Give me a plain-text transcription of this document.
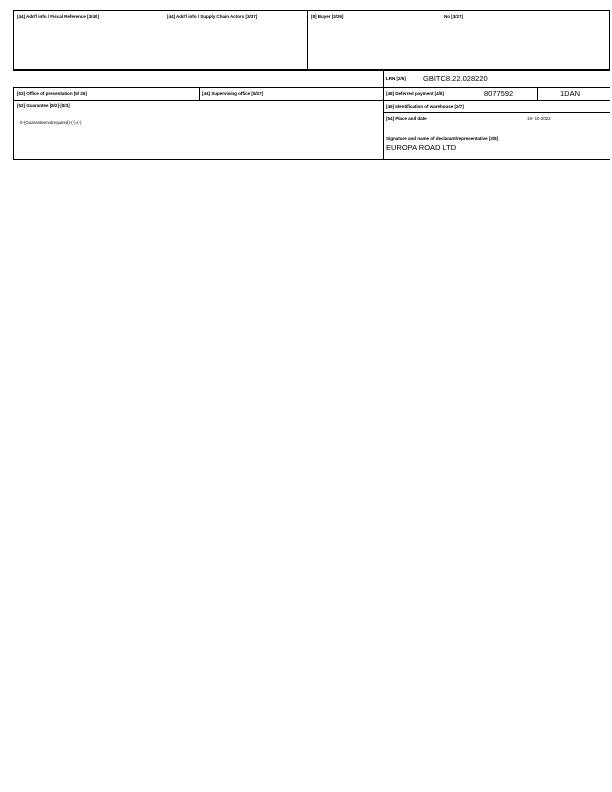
[44] Add'l info / Fiscal Reference [3/40]	[44] Add'l info / Supply Chain Actors [3/37]	[8] Buyer [3/26]	No [3/27]
LRN [2/5] GBITC8.22.028220
[53] Office of presentation [5/ 26]	[44] Supervising office [5/27]	[48] Deferred payment [4/8]	8077592	1DAN
[52] Guarantee [8/2]-[8/3]
0-(Guaranteenotrequired)-(-)-(-)
[49] Identification of warehouse [2/7]
[54] Place and date	19- 10-2022
Signature and name of declarant/representative [3/9]
EUROPA ROAD LTD
